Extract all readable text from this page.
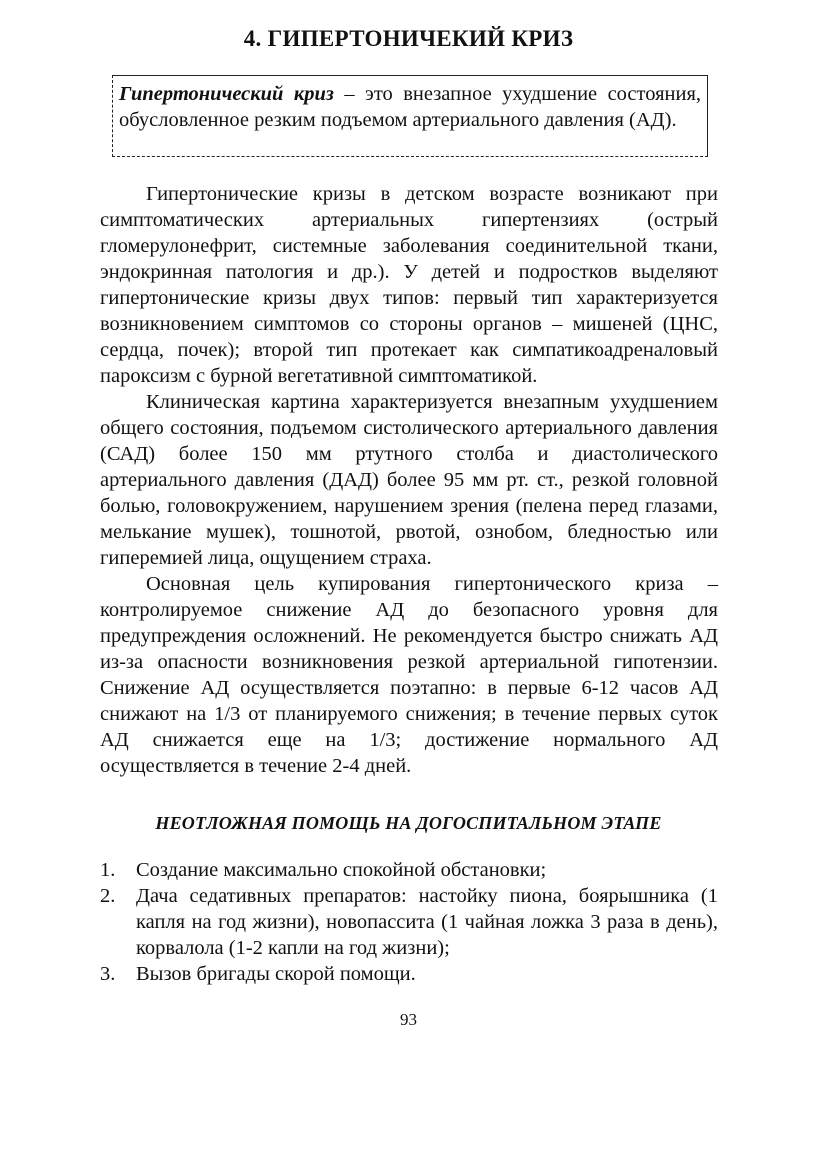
4. ГИПЕРТОНИЧЕКИЙ КРИЗ
Гипертонический криз – это внезапное ухудшение состояния, обусловленное резким подъемом артериального давления (АД).

Гипертонические кризы в детском возрасте возникают при симптоматических артериальных гипертензиях (острый гломерулонефрит, системные заболевания соединительной ткани, эндокринная патология и др.). У детей и подростков выделяют гипертонические кризы двух типов: первый тип характеризуется возникновением симптомов со стороны органов – мишеней (ЦНС, сердца, почек); второй тип протекает как симпатикоадреналовый пароксизм с бурной вегетативной симптоматикой.

Клиническая картина характеризуется внезапным ухудшением общего состояния, подъемом систолического артериального давления (САД) более 150 мм ртутного столба и диастолического артериального давления (ДАД) более 95 мм рт. ст., резкой головной болью, головокружением, нарушением зрения (пелена перед глазами, мелькание мушек), тошнотой, рвотой, ознобом, бледностью или гиперемией лица, ощущением страха.

Основная цель купирования гипертонического криза – контролируемое снижение АД до безопасного уровня для предупреждения осложнений. Не рекомендуется быстро снижать АД из-за опасности возникновения резкой артериальной гипотензии. Снижение АД осуществляется поэтапно: в первые 6-12 часов АД снижают на 1/3 от планируемого снижения; в течение первых суток АД снижается еще на 1/3; достижение нормального АД осуществляется в течение 2-4 дней.

НЕОТЛОЖНАЯ ПОМОЩЬ НА ДОГОСПИТАЛЬНОМ ЭТАПЕ
1. Создание максимально спокойной обстановки;
2. Дача седативных препаратов: настойку пиона, боярышника (1 капля на год жизни), новопассита (1 чайная ложка 3 раза в день), корвалола (1-2 капли на год жизни);
3. Вызов бригады скорой помощи.
93
